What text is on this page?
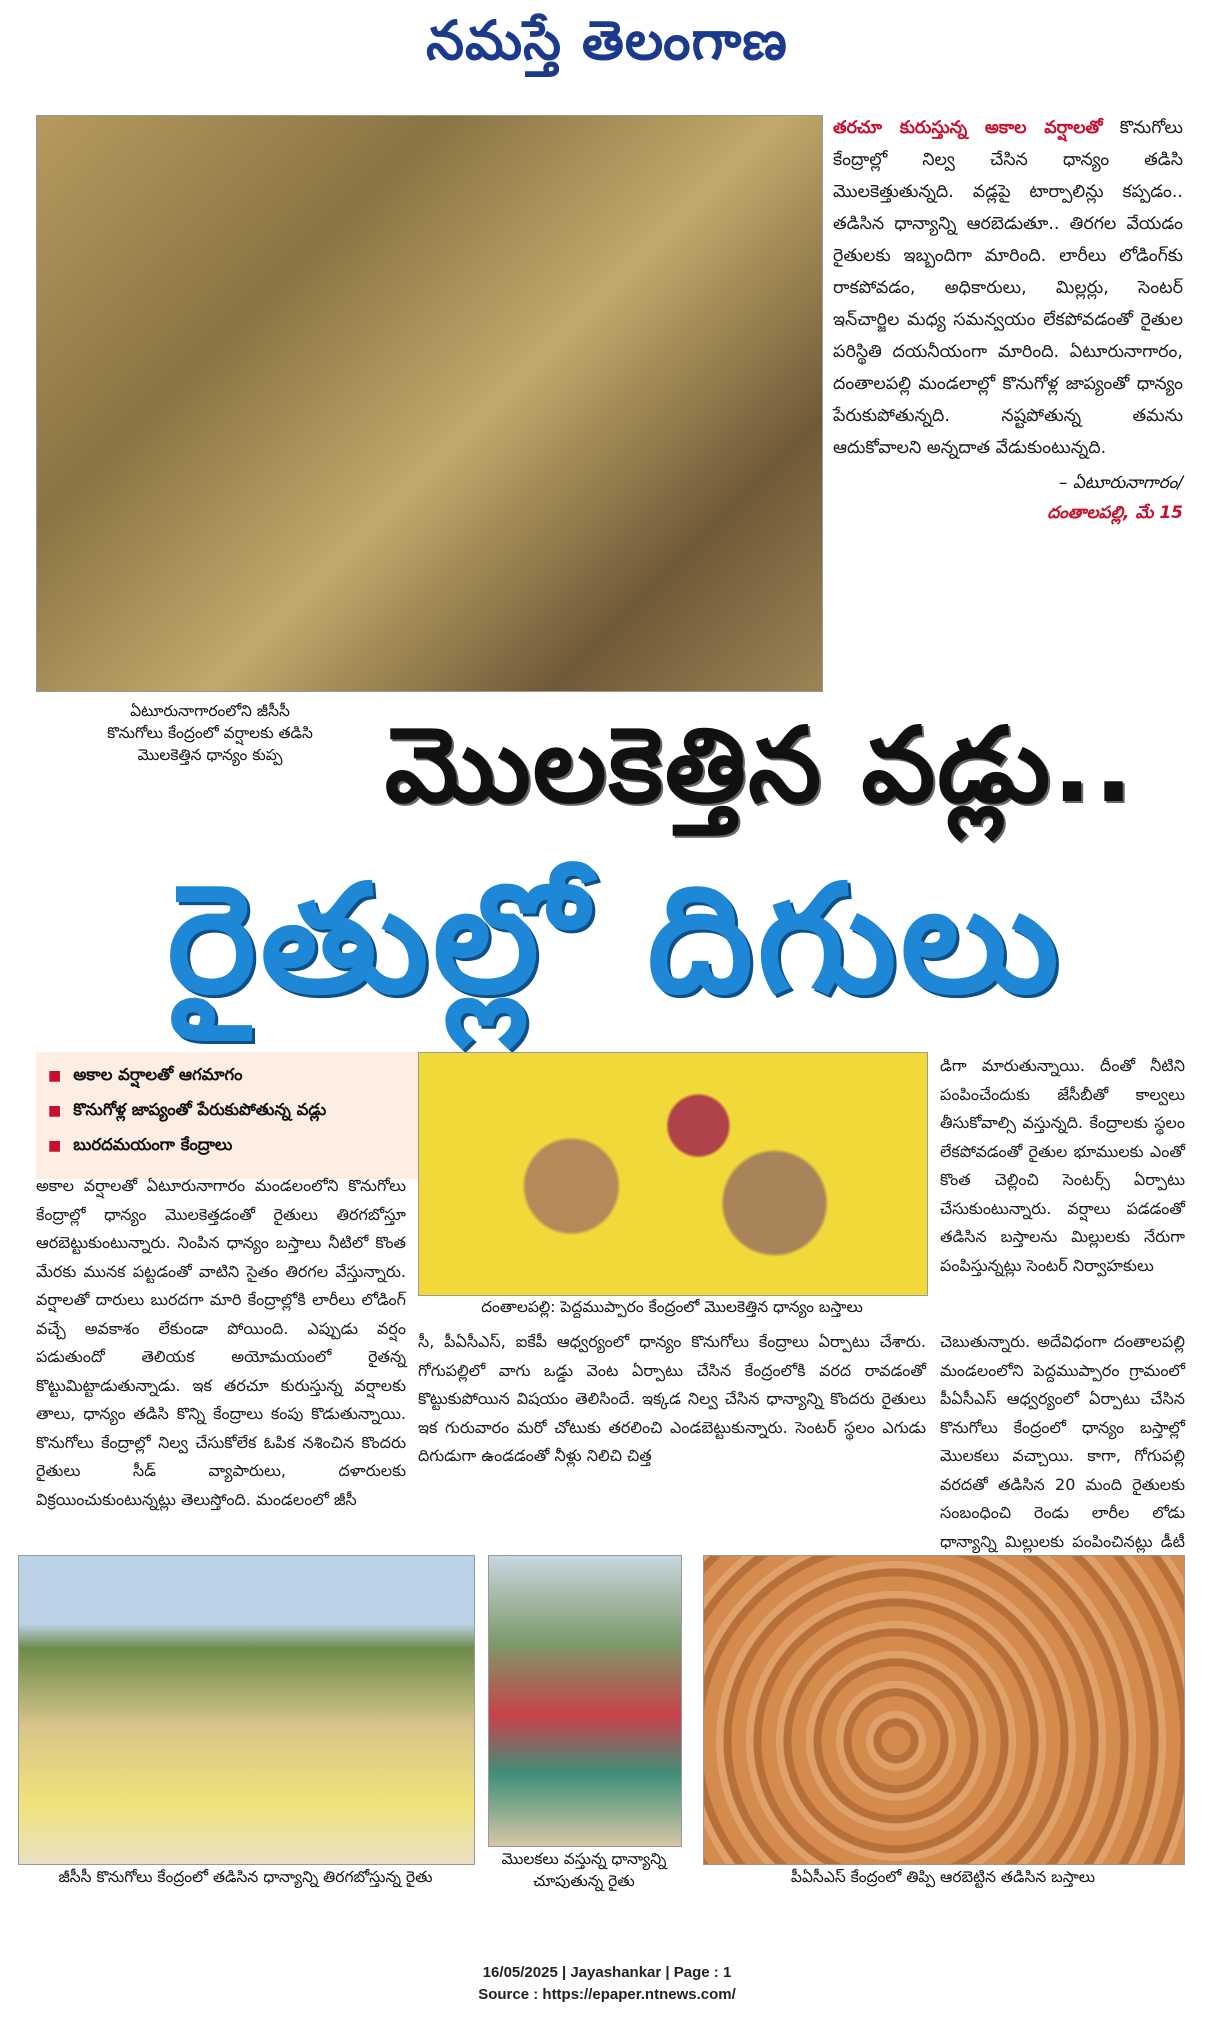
నమస్తే తెలంగాణ
తరచూ కురుస్తున్న అకాల వర్షాలతో కొనుగోలు కేంద్రాల్లో నిల్వ చేసిన ధాన్యం తడిసి మొలకెత్తుతున్నది. వడ్లపై టార్పాలిన్లు కప్పడం.. తడిసిన ధాన్యాన్ని ఆరబెడుతూ.. తిరగల వేయడం రైతులకు ఇబ్బందిగా మారింది. లారీలు లోడింగ్‌కు రాకపోవడం, అధికారులు, మిల్లర్లు, సెంటర్ ఇన్‌చార్జిల మధ్య సమన్వయం లేకపోవడంతో రైతుల పరిస్థితి దయనీయంగా మారింది. ఏటూరునాగారం, దంతాలపల్లి మండలాల్లో కొనుగోళ్ల జాప్యంతో ధాన్యం పేరుకుపోతున్నది. నష్టపోతున్న తమను ఆదుకోవాలని అన్నదాత వేడుకుంటున్నది.
– ఏటూరునాగారం/
దంతాలపల్లి, మే 15
ఏటూరునాగారంలోని జీసీసీ కొనుగోలు కేంద్రంలో వర్షాలకు తడిసి మొలకెత్తిన ధాన్యం కుప్ప మొలకెత్తిన వడ్లు..
రైతుల్లో దిగులు
■ అకాల వర్షాలతో ఆగమాగం
■ కొనుగోళ్ల జాప్యంతో పేరుకుపోతున్న వడ్లు
■ బురదమయంగా కేంద్రాలు
దంతాలపల్లి: పెద్దముప్పారం కేంద్రంలో మొలకెత్తిన ధాన్యం బస్తాలు
అకాల వర్షాలతో ఏటూరునాగారం మండలంలోని కొనుగోలు కేంద్రాల్లో ధాన్యం మొలకెత్తడంతో రైతులు తిరగబోస్తూ ఆరబెట్టుకుంటున్నారు. నింపిన ధాన్యం బస్తాలు నీటిలో కొంత మేరకు మునక పట్టడంతో వాటిని సైతం తిరగల వేస్తున్నారు. వర్షాలతో దారులు బురదగా మారి కేంద్రాల్లోకి లారీలు లోడింగ్ వచ్చే అవకాశం లేకుండా పోయింది. ఎప్పుడు వర్షం పడుతుందో తెలియక అయోమయంలో రైతన్న కొట్టుమిట్టాడుతున్నాడు. ఇక తరచూ కురుస్తున్న వర్షాలకు తాలు, ధాన్యం తడిసి కొన్ని కేంద్రాలు కంపు కొడుతున్నాయి. కొనుగోలు కేంద్రాల్లో నిల్వ చేసుకోలేక ఓపిక నశించిన కొందరు రైతులు సీడ్ వ్యాపారులు, దళారులకు విక్రయించుకుంటున్నట్లు తెలుస్తోంది. మండలంలో జీసీ
సీ, పీఏసీఎస్, ఐకేపీ ఆధ్వర్యంలో ధాన్యం కొనుగోలు కేంద్రాలు ఏర్పాటు చేశారు. గోగుపల్లిలో వాగు ఒడ్డు వెంట ఏర్పాటు చేసిన కేంద్రంలోకి వరద రావడంతో కొట్టుకుపోయిన విషయం తెలిసిందే. ఇక్కడ నిల్వ చేసిన ధాన్యాన్ని కొందరు రైతులు ఇక గురువారం మరో చోటుకు తరలించి ఎండబెట్టుకున్నారు. సెంటర్ స్థలం ఎగుడు దిగుడుగా ఉండడంతో నీళ్లు నిలిచి చిత్త
డిగా మారుతున్నాయి. దీంతో నీటిని పంపించేందుకు జేసీబీతో కాల్వలు తీసుకోవాల్సి వస్తున్నది. కేంద్రాలకు స్థలం లేకపోవడంతో రైతుల భూములకు ఎంతో కొంత చెల్లించి సెంటర్స్ ఏర్పాటు చేసుకుంటున్నారు. వర్షాలు పడడంతో తడిసిన బస్తాలను మిల్లులకు నేరుగా పంపిస్తున్నట్లు సెంటర్ నిర్వాహకులు
చెబుతున్నారు. అదేవిధంగా దంతాలపల్లి మండలంలోని పెద్దముప్పారం గ్రామంలో పీఏసీఎస్ ఆధ్వర్యంలో ఏర్పాటు చేసిన కొనుగోలు కేంద్రంలో ధాన్యం బస్తాల్లో మొలకలు వచ్చాయి. కాగా, గోగుపల్లి వరదతో తడిసిన 20 మంది రైతులకు సంబంధించి రెండు లారీల లోడు ధాన్యాన్ని మిల్లులకు పంపించినట్లు డీటీ
జీసీసీ కొనుగోలు కేంద్రంలో తడిసిన ధాన్యాన్ని తిరగబోస్తున్న రైతు
మొలకలు వస్తున్న ధాన్యాన్ని చూపుతున్న రైతు	పీఏసీఎస్ కేంద్రంలో తిప్పి ఆరబెట్టిన తడిసిన బస్తాలు
16/05/2025 | Jayashankar | Page : 1
Source : https://epaper.ntnews.com/
